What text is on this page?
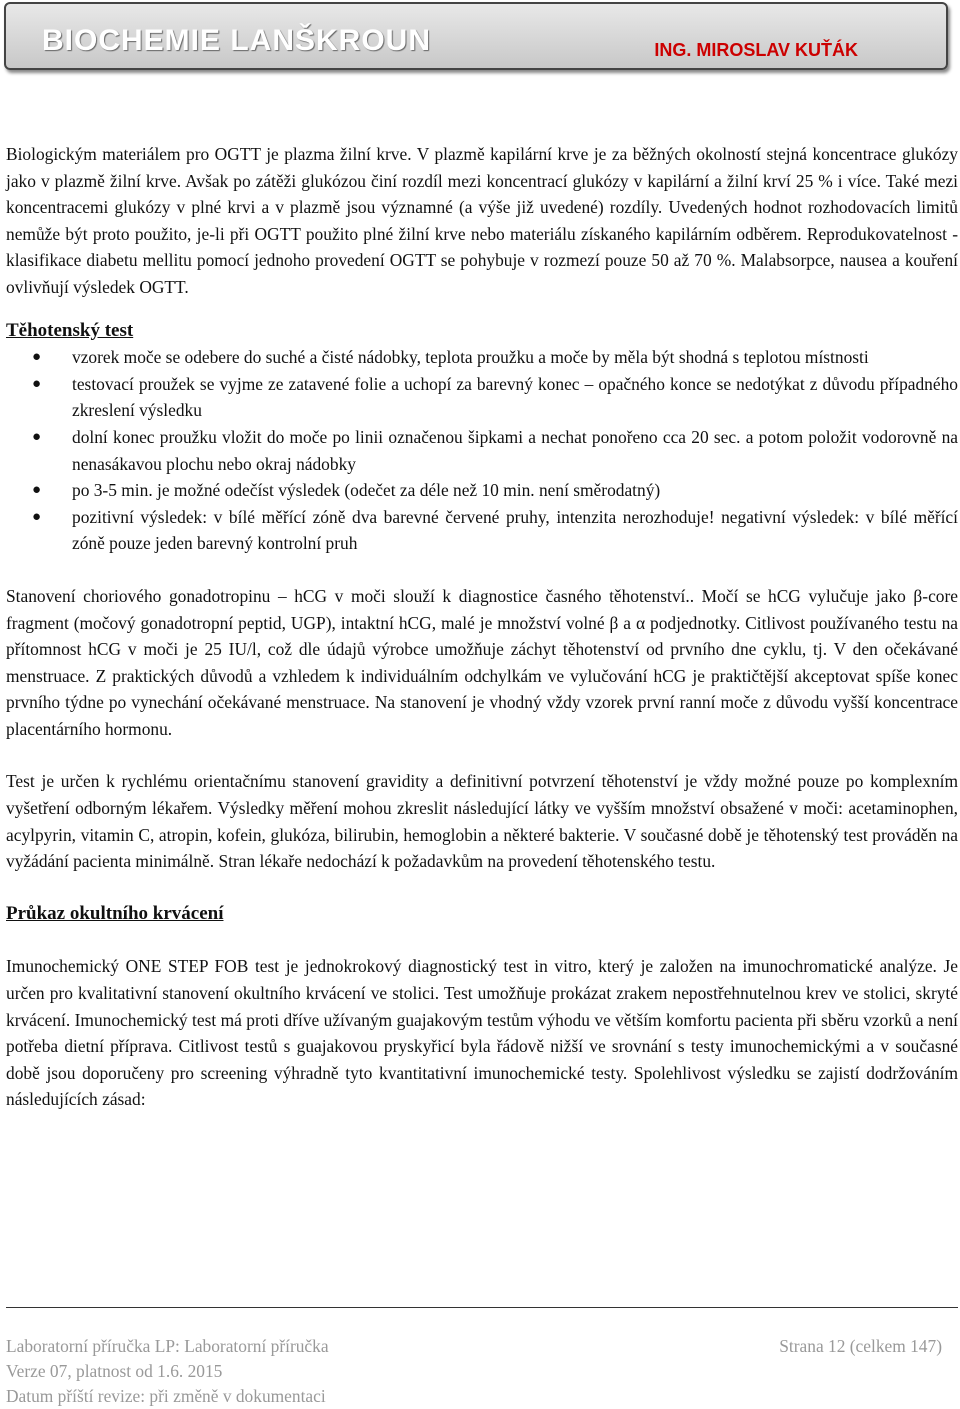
BIOCHEMIE LANŠKROUN	ING. MIROSLAV KUŤÁK

Biologickým materiálem pro OGTT je plazma žilní krve. V plazmě kapilární krve je za běžných okolností stejná koncentrace glukózy jako v plazmě žilní krve. Avšak po zátěži glukózou činí rozdíl mezi koncentrací glukózy v kapilární a žilní krví 25 % i více. Také mezi koncentracemi glukózy v plné krvi a v plazmě jsou významné (a výše již uvedené) rozdíly. Uvedených hodnot rozhodovacích limitů nemůže být proto použito, je-li při OGTT použito plné žilní krve nebo materiálu získaného kapilárním odběrem. Reprodukovatelnost - klasifikace diabetu mellitu pomocí jednoho provedení OGTT se pohybuje v rozmezí pouze 50 až 70 %. Malabsorpce, nausea a kouření ovlivňují výsledek OGTT.

Těhotenský test

● vzorek moče se odebere do suché a čisté nádobky, teplota proužku a moče by měla být shodná s teplotou místnosti
● testovací proužek se vyjme ze zatavené folie a uchopí za barevný konec – opačného konce se nedotýkat z důvodu případného zkreslení výsledku
● dolní konec proužku vložit do moče po linii označenou šipkami a nechat ponořeno cca 20 sec. a potom položit vodorovně na nenasákavou plochu nebo okraj nádobky
● po 3-5 min. je možné odečíst výsledek (odečet za déle než 10 min. není směrodatný)
● pozitivní výsledek: v bílé měřící zóně dva barevné červené pruhy, intenzita nerozhoduje! negativní výsledek: v bílé měřící zóně pouze jeden barevný kontrolní pruh

Stanovení choriového gonadotropinu – hCG v moči slouží k diagnostice časného těhotenství.. Močí se hCG vylučuje jako β-core fragment (močový gonadotropní peptid, UGP), intaktní hCG, malé je množství volné β a α podjednotky. Citlivost používaného testu na přítomnost hCG v moči je 25 IU/l, což dle údajů výrobce umožňuje záchyt těhotenství od prvního dne cyklu, tj. V den očekávané menstruace. Z praktických důvodů a vzhledem k individuálním odchylkám ve vylučování hCG je praktičtější akceptovat spíše konec prvního týdne po vynechání očekávané menstruace. Na stanovení je vhodný vždy vzorek první ranní moče z důvodu vyšší koncentrace placentárního hormonu.

Test je určen k rychlému orientačnímu stanovení gravidity a definitivní potvrzení těhotenství je vždy možné pouze po komplexním vyšetření odborným lékařem. Výsledky měření mohou zkreslit následující látky ve vyšším množství obsažené v moči: acetaminophen, acylpyrin, vitamin C, atropin, kofein, glukóza, bilirubin, hemoglobin a některé bakterie. V současné době je těhotenský test prováděn na vyžádání pacienta minimálně. Stran lékaře nedochází k požadavkům na provedení těhotenského testu.

Průkaz okultního krvácení

Imunochemický ONE STEP FOB test je jednokrokový diagnostický test in vitro, který je založen na imunochromatické analýze. Je určen pro kvalitativní stanovení okultního krvácení ve stolici. Test umožňuje prokázat zrakem nepostřehnutelnou krev ve stolici, skryté krvácení. Imunochemický test má proti dříve užívaným guajakovým testům výhodu ve větším komfortu pacienta při sběru vzorků a není potřeba dietní příprava. Citlivost testů s guajakovou pryskyřicí byla řádově nižší ve srovnání s testy imunochemickými a v současné době jsou doporučeny pro screening výhradně tyto kvantitativní imunochemické testy. Spolehlivost výsledku se zajistí dodržováním následujících zásad:

Laboratorní příručka LP: Laboratorní příručka	Strana 12 (celkem 147)
Verze 07, platnost od 1.6. 2015
Datum příští revize: při změně v dokumentaci
